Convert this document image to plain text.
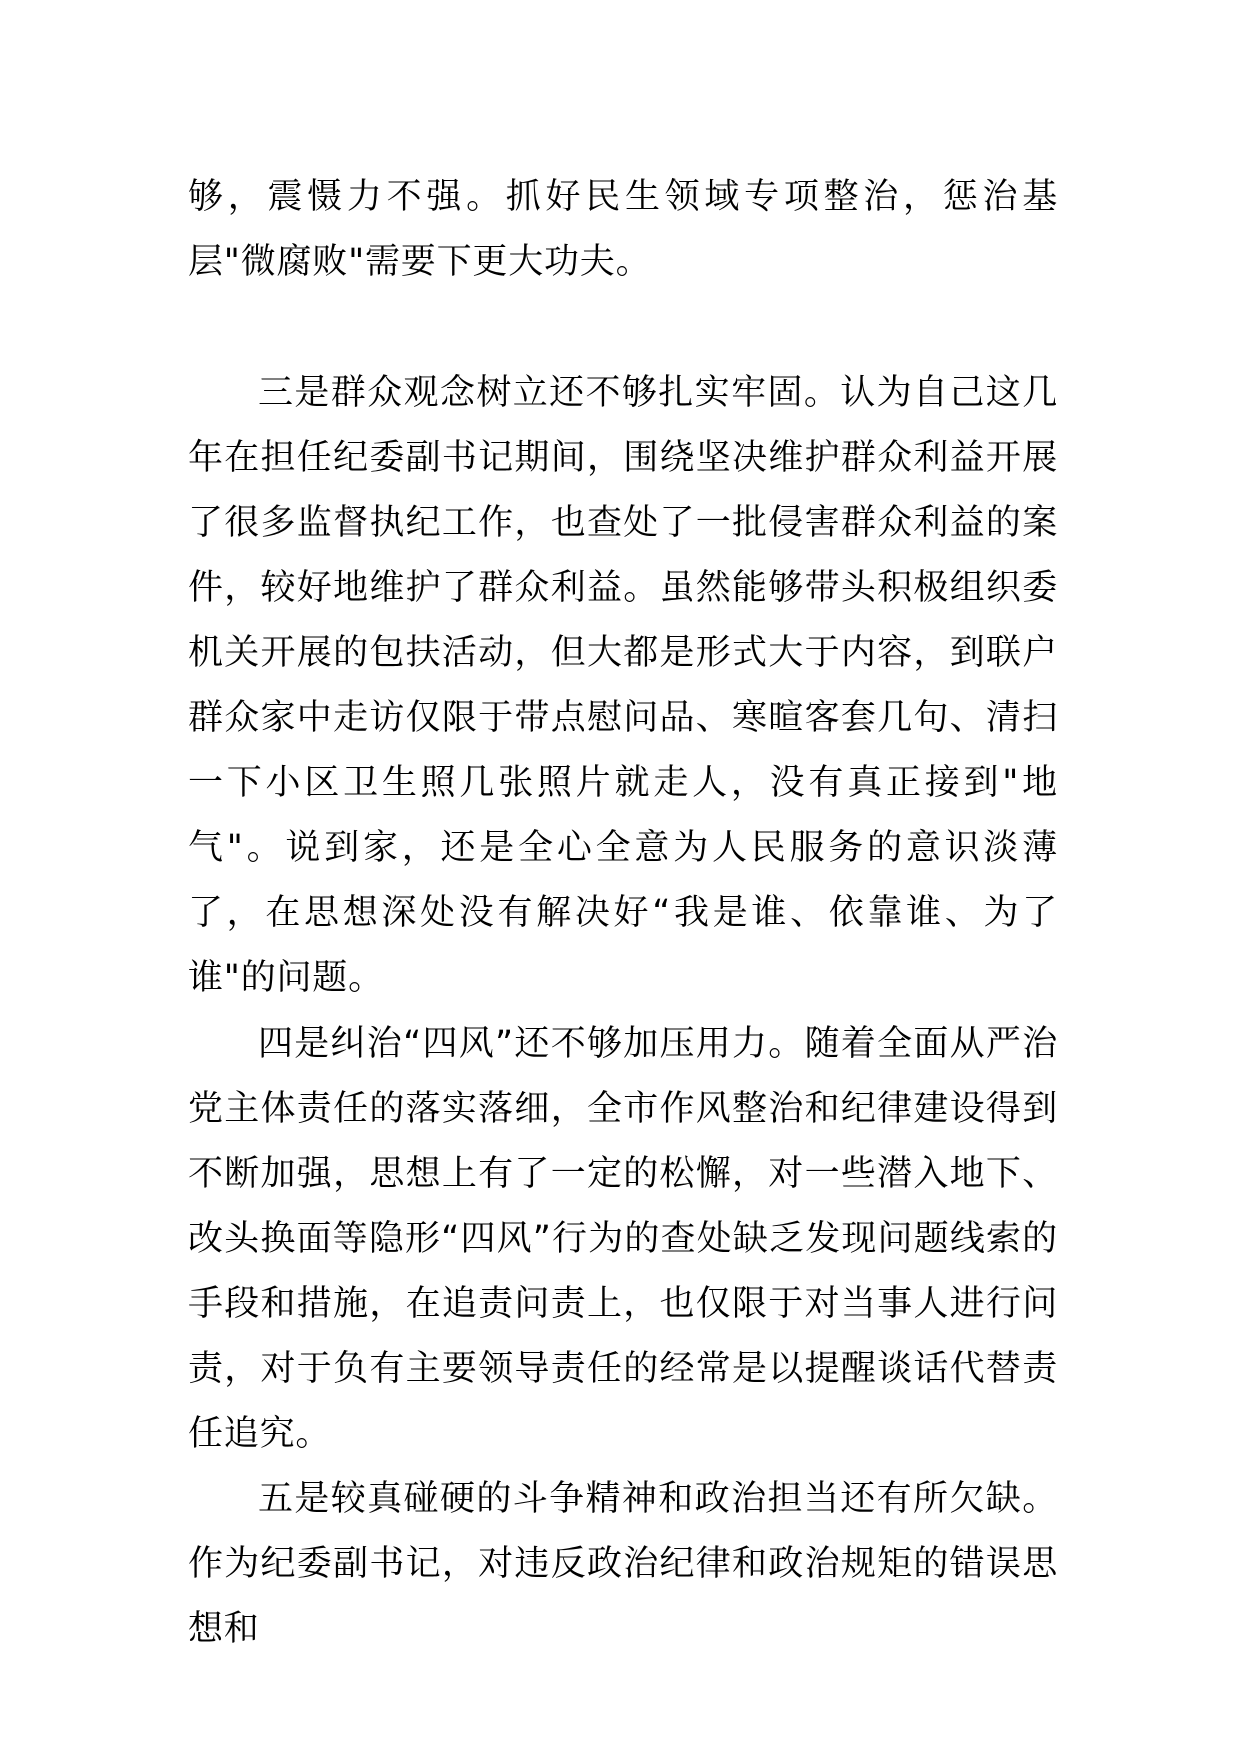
够，震慑力不强。抓好民生领域专项整治，惩治基层"微腐败"需要下更大功夫。

三是群众观念树立还不够扎实牢固。认为自己这几年在担任纪委副书记期间，围绕坚决维护群众利益开展了很多监督执纪工作，也查处了一批侵害群众利益的案件，较好地维护了群众利益。虽然能够带头积极组织委机关开展的包扶活动，但大都是形式大于内容，到联户群众家中走访仅限于带点慰问品、寒暄客套几句、清扫一下小区卫生照几张照片就走人，没有真正接到"地气"。说到家，还是全心全意为人民服务的意识淡薄了，在思想深处没有解决好“我是谁、依靠谁、为了谁"的问题。

四是纠治“四风”还不够加压用力。随着全面从严治党主体责任的落实落细，全市作风整治和纪律建设得到不断加强，思想上有了一定的松懈，对一些潜入地下、改头换面等隐形“四风”行为的查处缺乏发现问题线索的手段和措施，在追责问责上，也仅限于对当事人进行问责，对于负有主要领导责任的经常是以提醒谈话代替责任追究。

五是较真碰硬的斗争精神和政治担当还有所欠缺。作为纪委副书记，对违反政治纪律和政治规矩的错误思想和
